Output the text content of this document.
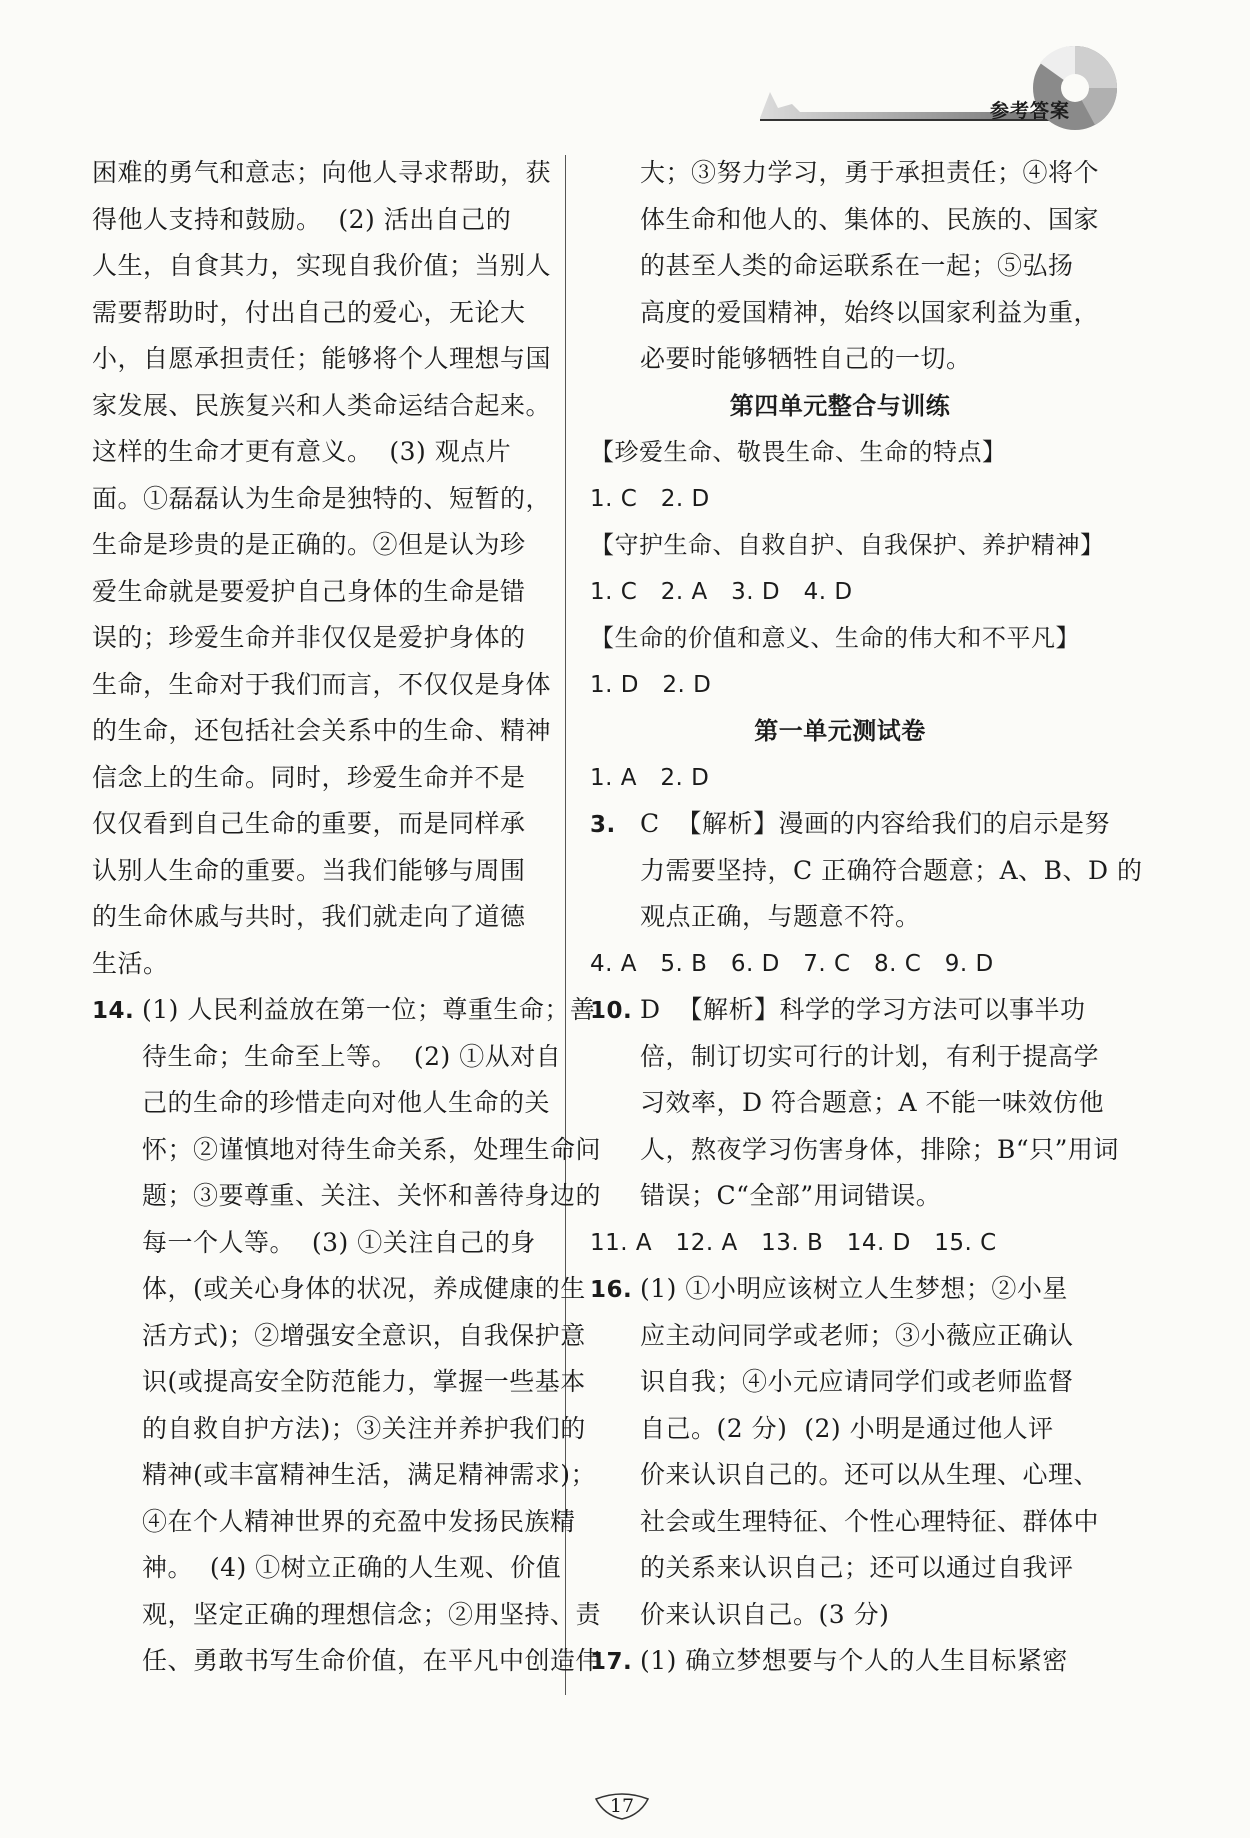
参考答案
困难的勇气和意志；向他人寻求帮助，获
得他人支持和鼓励。  (2) 活出自己的
人生，自食其力，实现自我价值；当别人
需要帮助时，付出自己的爱心，无论大
小，自愿承担责任；能够将个人理想与国
家发展、民族复兴和人类命运结合起来。
这样的生命才更有意义。  (3) 观点片
面。①磊磊认为生命是独特的、短暂的，
生命是珍贵的是正确的。②但是认为珍
爱生命就是要爱护自己身体的生命是错
误的；珍爱生命并非仅仅是爱护身体的
生命，生命对于我们而言，不仅仅是身体
的生命，还包括社会关系中的生命、精神
信念上的生命。同时，珍爱生命并不是
仅仅看到自己生命的重要，而是同样承
认别人生命的重要。当我们能够与周围
的生命休戚与共时，我们就走向了道德
生活。
14. (1) 人民利益放在第一位；尊重生命；善
待生命；生命至上等。  (2) ①从对自
己的生命的珍惜走向对他人生命的关
怀；②谨慎地对待生命关系，处理生命问
题；③要尊重、关注、关怀和善待身边的
每一个人等。  (3) ①关注自己的身
体，(或关心身体的状况，养成健康的生
活方式)；②增强安全意识，自我保护意
识(或提高安全防范能力，掌握一些基本
的自救自护方法)；③关注并养护我们的
精神(或丰富精神生活，满足精神需求)；
④在个人精神世界的充盈中发扬民族精
神。  (4) ①树立正确的人生观、价值
观，坚定正确的理想信念；②用坚持、责
任、勇敢书写生命价值，在平凡中创造伟
大；③努力学习，勇于承担责任；④将个
体生命和他人的、集体的、民族的、国家
的甚至人类的命运联系在一起；⑤弘扬
高度的爱国精神，始终以国家利益为重，
必要时能够牺牲自己的一切。
第四单元整合与训练
【珍爱生命、敬畏生命、生命的特点】
1. C   2. D
【守护生命、自救自护、自我保护、养护精神】
1. C   2. A   3. D   4. D
【生命的价值和意义、生命的伟大和不平凡】
1. D   2. D
第一单元测试卷
1. A   2. D
3. C  【解析】漫画的内容给我们的启示是努
力需要坚持，C 正确符合题意；A、B、D 的
观点正确，与题意不符。
4. A   5. B   6. D   7. C   8. C   9. D
10. D  【解析】科学的学习方法可以事半功
倍，制订切实可行的计划，有利于提高学
习效率，D 符合题意；A 不能一味效仿他
人，熬夜学习伤害身体，排除；B“只”用词
错误；C“全部”用词错误。
11. A   12. A   13. B   14. D   15. C
16. (1) ①小明应该树立人生梦想；②小星
应主动问同学或老师；③小薇应正确认
识自我；④小元应请同学们或老师监督
自己。(2 分)  (2) 小明是通过他人评
价来认识自己的。还可以从生理、心理、
社会或生理特征、个性心理特征、群体中
的关系来认识自己；还可以通过自我评
价来认识自己。(3 分)
17. (1) 确立梦想要与个人的人生目标紧密
17
